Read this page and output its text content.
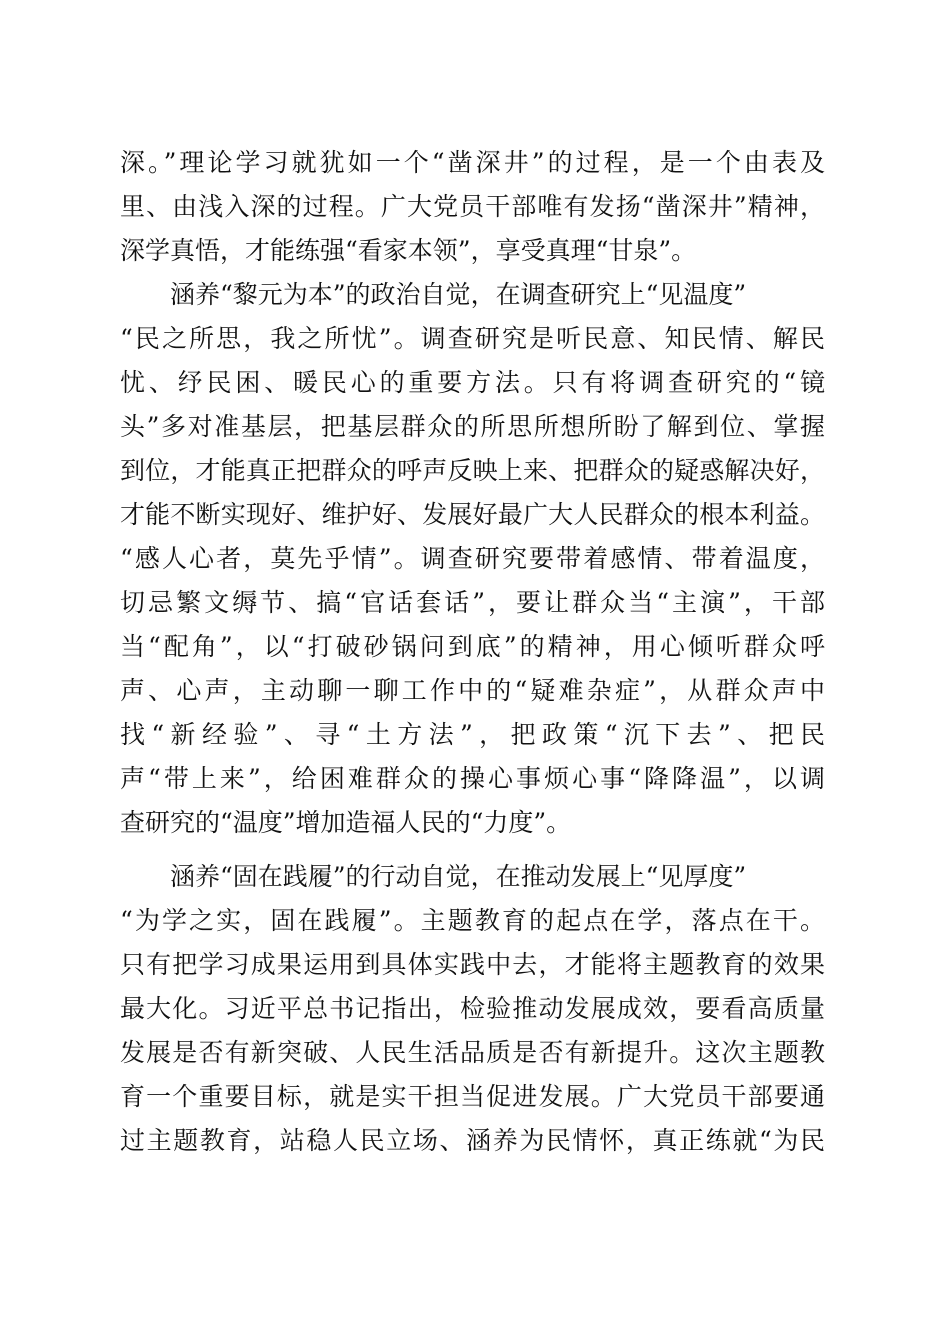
深。”理论学习就犹如一个“凿深井”的过程，是一个由表及
里、由浅入深的过程。广大党员干部唯有发扬“凿深井”精神，
深学真悟，才能练强“看家本领”，享受真理“甘泉”。
涵养“黎元为本”的政治自觉，在调查研究上“见温度”
“民之所思，我之所忧”。调查研究是听民意、知民情、解民
忧、纾民困、暖民心的重要方法。只有将调查研究的“镜
头”多对准基层，把基层群众的所思所想所盼了解到位、掌握
到位，才能真正把群众的呼声反映上来、把群众的疑惑解决好，
才能不断实现好、维护好、发展好最广大人民群众的根本利益。
“感人心者，莫先乎情”。调查研究要带着感情、带着温度，
切忌繁文缛节、搞“官话套话”，要让群众当“主演”，干部
当“配角”，以“打破砂锅问到底”的精神，用心倾听群众呼
声、心声，主动聊一聊工作中的“疑难杂症”，从群众声中
找“新经验”、寻“土方法”，把政策“沉下去”、把民
声“带上来”，给困难群众的操心事烦心事“降降温”，以调
查研究的“温度”增加造福人民的“力度”。
涵养“固在践履”的行动自觉，在推动发展上“见厚度”
“为学之实，固在践履”。主题教育的起点在学，落点在干。
只有把学习成果运用到具体实践中去，才能将主题教育的效果
最大化。习近平总书记指出，检验推动发展成效，要看高质量
发展是否有新突破、人民生活品质是否有新提升。这次主题教
育一个重要目标，就是实干担当促进发展。广大党员干部要通
过主题教育，站稳人民立场、涵养为民情怀，真正练就“为民
